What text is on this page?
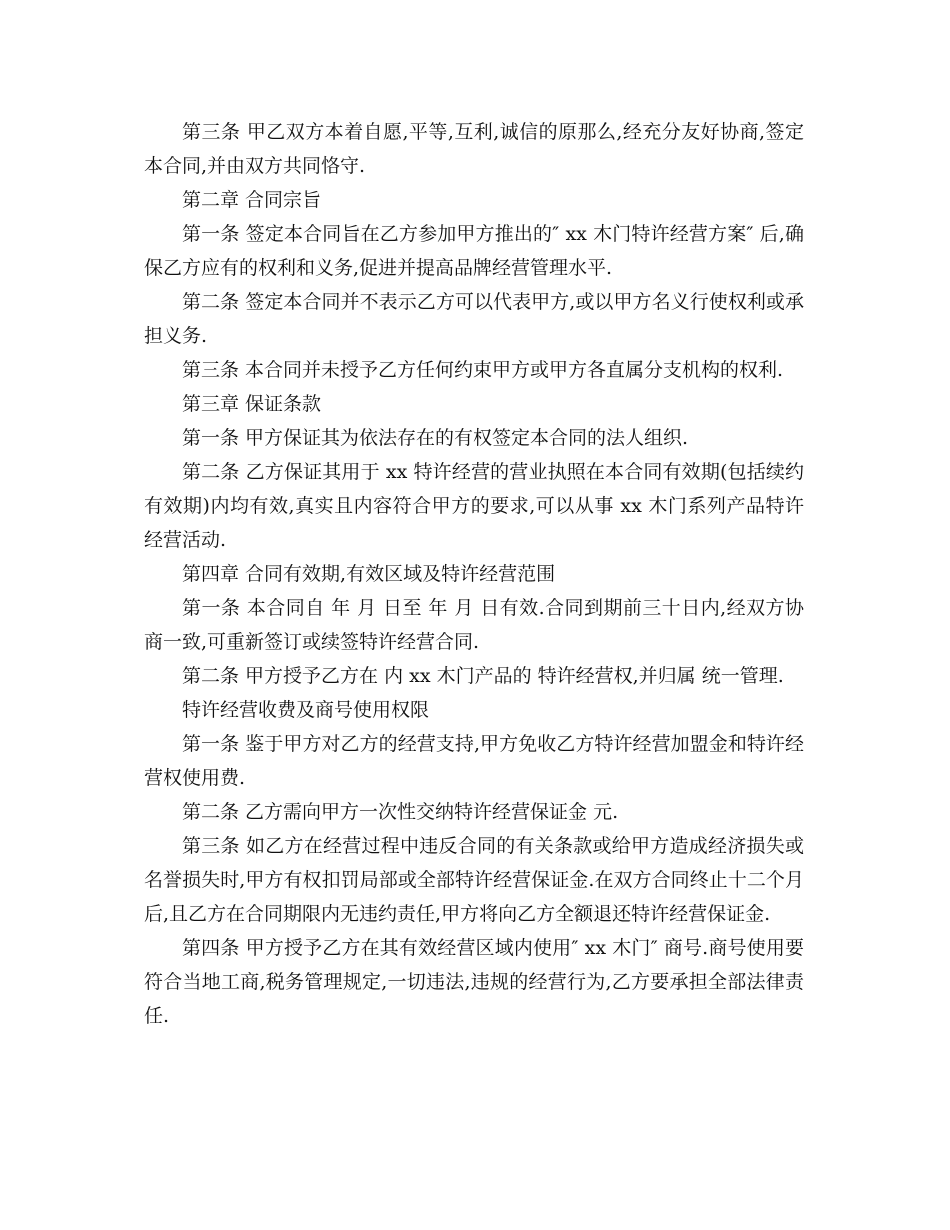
第三条 甲乙双方本着自愿,平等,互利,诚信的原那么,经充分友好协商,签定本合同,并由双方共同恪守.

第二章 合同宗旨

第一条 签定本合同旨在乙方参加甲方推出的″ xx 木门特许经营方案″ 后,确保乙方应有的权利和义务,促进并提高品牌经营管理水平.

第二条 签定本合同并不表示乙方可以代表甲方,或以甲方名义行使权利或承担义务.

第三条 本合同并未授予乙方任何约束甲方或甲方各直属分支机构的权利.

第三章 保证条款

第一条 甲方保证其为依法存在的有权签定本合同的法人组织.

第二条 乙方保证其用于 xx 特许经营的营业执照在本合同有效期(包括续约有效期)内均有效,真实且内容符合甲方的要求,可以从事 xx 木门系列产品特许经营活动.

第四章 合同有效期,有效区域及特许经营范围

第一条 本合同自 年 月 日至 年 月 日有效.合同到期前三十日内,经双方协商一致,可重新签订或续签特许经营合同.

第二条 甲方授予乙方在 内 xx 木门产品的 特许经营权,并归属 统一管理.

特许经营收费及商号使用权限

第一条 鉴于甲方对乙方的经营支持,甲方免收乙方特许经营加盟金和特许经营权使用费.

第二条 乙方需向甲方一次性交纳特许经营保证金 元.

第三条 如乙方在经营过程中违反合同的有关条款或给甲方造成经济损失或名誉损失时,甲方有权扣罚局部或全部特许经营保证金.在双方合同终止十二个月后,且乙方在合同期限内无违约责任,甲方将向乙方全额退还特许经营保证金.

第四条 甲方授予乙方在其有效经营区域内使用″ xx 木门″ 商号.商号使用要符合当地工商,税务管理规定,一切违法,违规的经营行为,乙方要承担全部法律责任.
